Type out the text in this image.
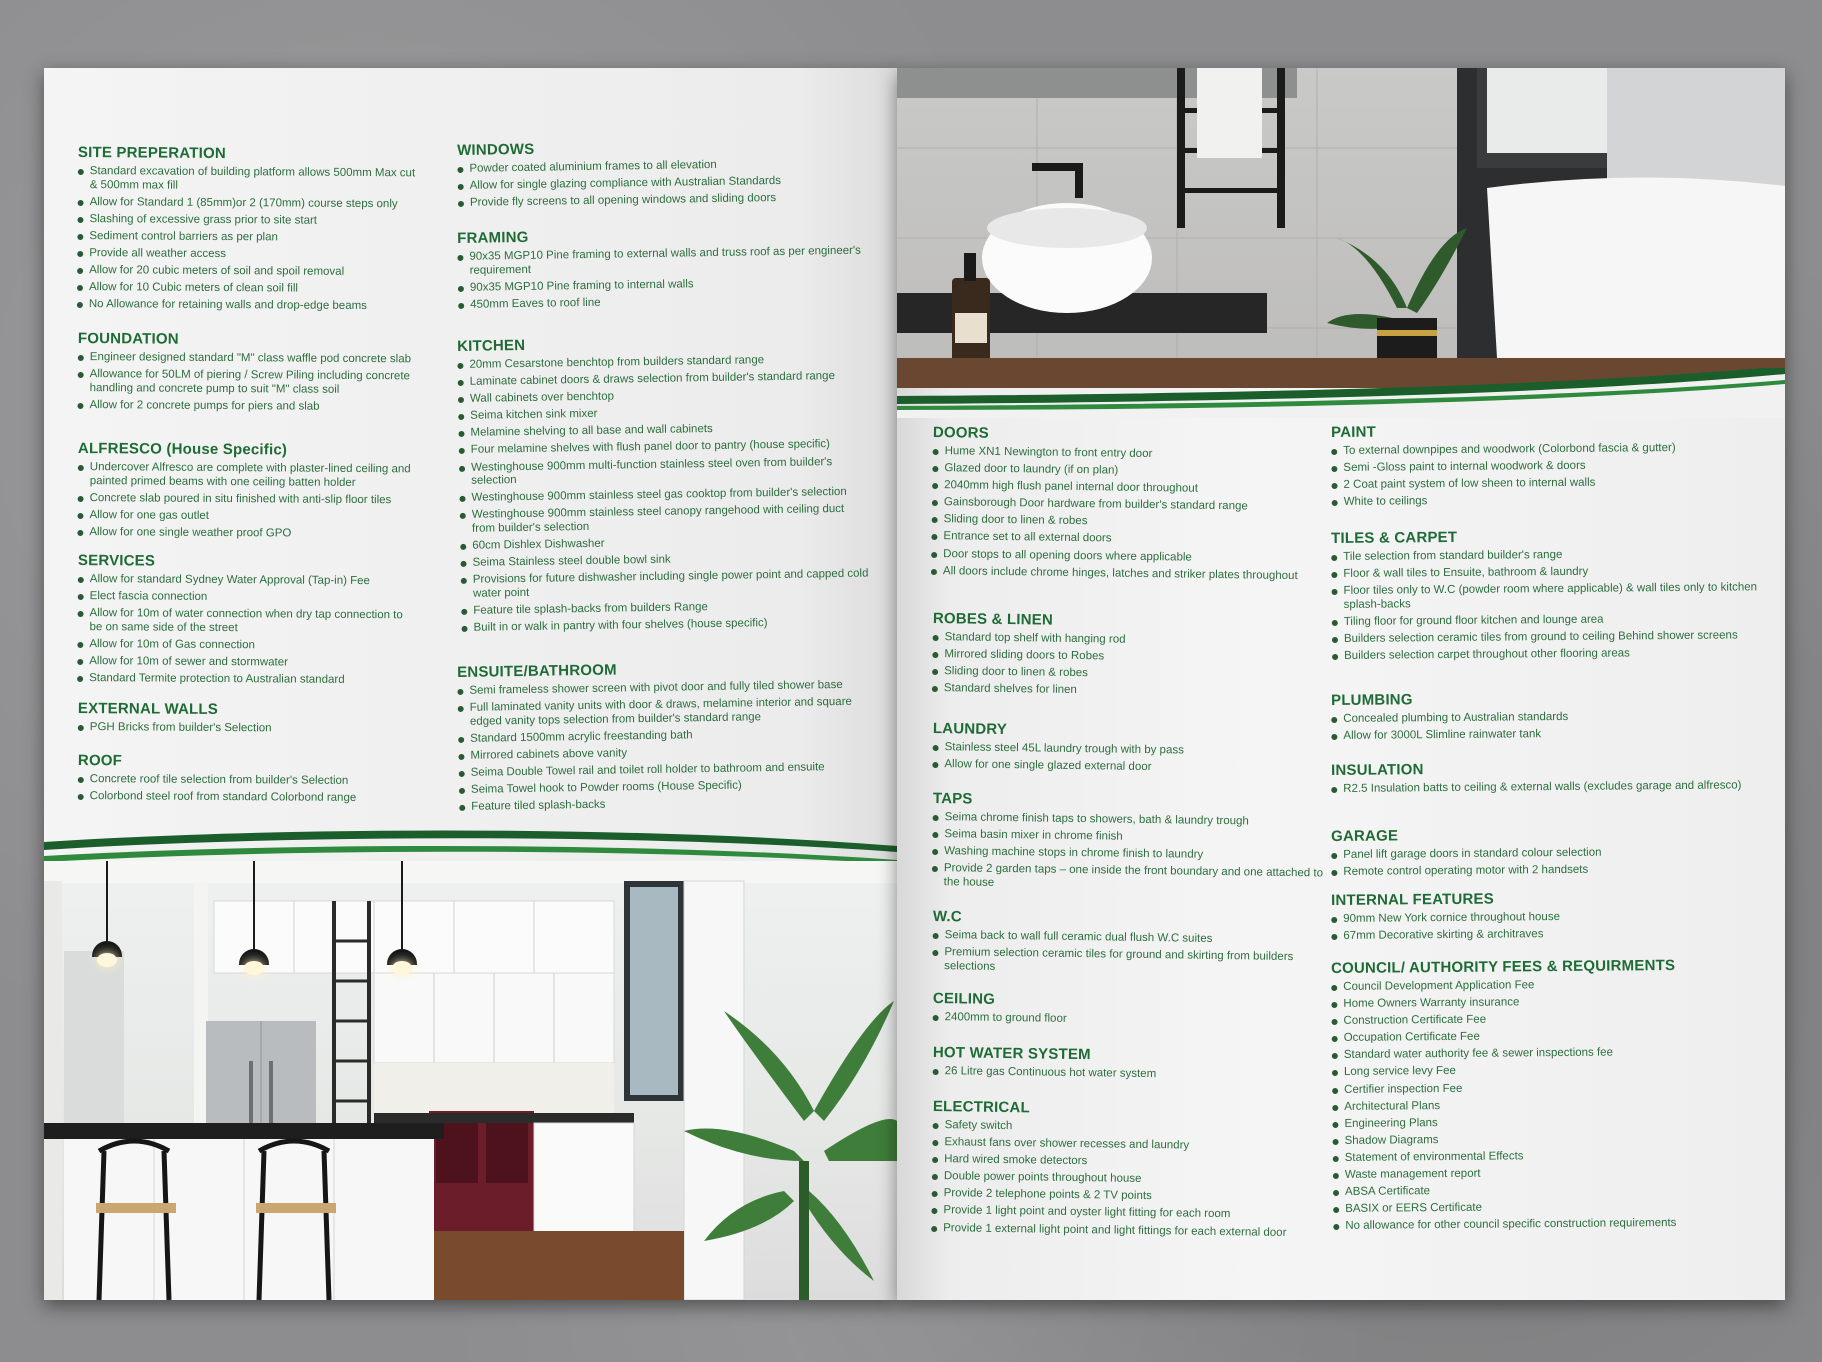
SITE PREPERATION
Standard excavation of building platform allows 500mm Max cut & 500mm max fill
Allow for Standard 1 (85mm)or 2 (170mm) course steps only
Slashing of excessive grass prior to site start
Sediment control barriers as per plan
Provide all weather access
Allow for 20 cubic meters of soil and spoil removal
Allow for 10 Cubic meters of clean soil fill
No Allowance for retaining walls and drop-edge beams
FOUNDATION
Engineer designed standard "M" class waffle pod concrete slab
Allowance for 50LM of piering / Screw Piling including concrete handling and concrete pump to suit "M" class soil
Allow for 2 concrete pumps for piers and slab
ALFRESCO (House Specific)
Undercover Alfresco are complete with plaster-lined ceiling and painted primed beams with one ceiling batten holder
Concrete slab poured in situ finished with anti-slip floor tiles
Allow for one gas outlet
Allow for one single weather proof GPO
SERVICES
Allow for standard Sydney Water Approval (Tap-in) Fee
Elect fascia connection
Allow for 10m of water connection when dry tap connection to be on same side of the street
Allow for 10m of Gas connection
Allow for 10m of sewer and stormwater
Standard Termite protection to Australian standard
EXTERNAL WALLS
PGH Bricks from builder's Selection
ROOF
Concrete roof tile selection from builder's Selection
Colorbond steel roof from standard Colorbond range
WINDOWS
Powder coated aluminium frames to all elevation
Allow for single glazing compliance with Australian Standards
Provide fly screens to all opening windows and sliding doors
FRAMING
90x35 MGP10 Pine framing to external walls and truss roof as per engineer's requirement
90x35 MGP10 Pine framing to internal walls
450mm Eaves to roof line
KITCHEN
20mm Cesarstone benchtop from builders standard range
Laminate cabinet doors & draws selection from builder's standard range
Wall cabinets over benchtop
Seima kitchen sink mixer
Melamine shelving to all base and wall cabinets
Four melamine shelves with flush panel door to pantry (house specific)
Westinghouse 900mm multi-function stainless steel oven from builder's selection
Westinghouse 900mm stainless steel gas cooktop from builder's selection
Westinghouse 900mm stainless steel canopy rangehood with ceiling duct from builder's selection
60cm Dishlex Dishwasher
Seima Stainless steel double bowl sink
Provisions for future dishwasher including single power point and capped cold water point
Feature tile splash-backs from builders Range
Built in or walk in pantry with four shelves (house specific)
ENSUITE/BATHROOM
Semi frameless shower screen with pivot door and fully tiled shower base
Full laminated vanity units with door & draws, melamine interior and square edged vanity tops selection from builder's standard range
Standard 1500mm acrylic freestanding bath
Mirrored cabinets above vanity
Seima Double Towel rail and toilet roll holder to bathroom and ensuite
Seima Towel hook to Powder rooms (House Specific)
Feature tiled splash-backs
DOORS
Hume XN1 Newington to front entry door
Glazed door to laundry (if on plan)
2040mm high flush panel internal door throughout
Gainsborough Door hardware from builder's standard range
Sliding door to linen & robes
Entrance set to all external doors
Door stops to all opening doors where applicable
All doors include chrome hinges, latches and striker plates throughout
ROBES & LINEN
Standard top shelf with hanging rod
Mirrored sliding doors to Robes
Sliding door to linen & robes
Standard shelves for linen
LAUNDRY
Stainless steel 45L laundry trough with by pass
Allow for one single glazed external door
TAPS
Seima chrome finish taps to showers, bath & laundry trough
Seima basin mixer in chrome finish
Washing machine stops in chrome finish to laundry
Provide 2 garden taps – one inside the front boundary and one attached to the house
W.C
Seima back to wall full ceramic dual flush W.C suites
Premium selection ceramic tiles for ground and skirting from builders selections
CEILING
2400mm to ground floor
HOT WATER SYSTEM
26 Litre gas Continuous hot water system
ELECTRICAL
Safety switch
Exhaust fans over shower recesses and laundry
Hard wired smoke detectors
Double power points throughout house
Provide 2 telephone points & 2 TV points
Provide 1 light point and oyster light fitting for each room
Provide 1 external light point and light fittings for each external door
PAINT
To external downpipes and woodwork (Colorbond fascia & gutter)
Semi -Gloss paint to internal woodwork & doors
2 Coat paint system of low sheen to internal walls
White to ceilings
TILES & CARPET
Tile selection from standard builder's range
Floor & wall tiles to Ensuite, bathroom & laundry
Floor tiles only to W.C (powder room where applicable) & wall tiles only to kitchen splash-backs
Tiling floor for ground floor kitchen and lounge area
Builders selection ceramic tiles from ground to ceiling Behind shower screens
Builders selection carpet throughout other flooring areas
PLUMBING
Concealed plumbing to Australian standards
Allow for 3000L Slimline rainwater tank
INSULATION
R2.5 Insulation batts to ceiling & external walls (excludes garage and alfresco)
GARAGE
Panel lift garage doors in standard colour selection
Remote control operating motor with 2 handsets
INTERNAL FEATURES
90mm New York cornice throughout house
67mm Decorative skirting & architraves
COUNCIL/ AUTHORITY FEES & REQUIRMENTS
Council Development Application Fee
Home Owners Warranty insurance
Construction Certificate Fee
Occupation Certificate Fee
Standard water authority fee & sewer inspections fee
Long service levy Fee
Certifier inspection Fee
Architectural Plans
Engineering Plans
Shadow Diagrams
Statement of environmental Effects
Waste management report
ABSA Certificate
BASIX or EERS Certificate
No allowance for other council specific construction requirements
